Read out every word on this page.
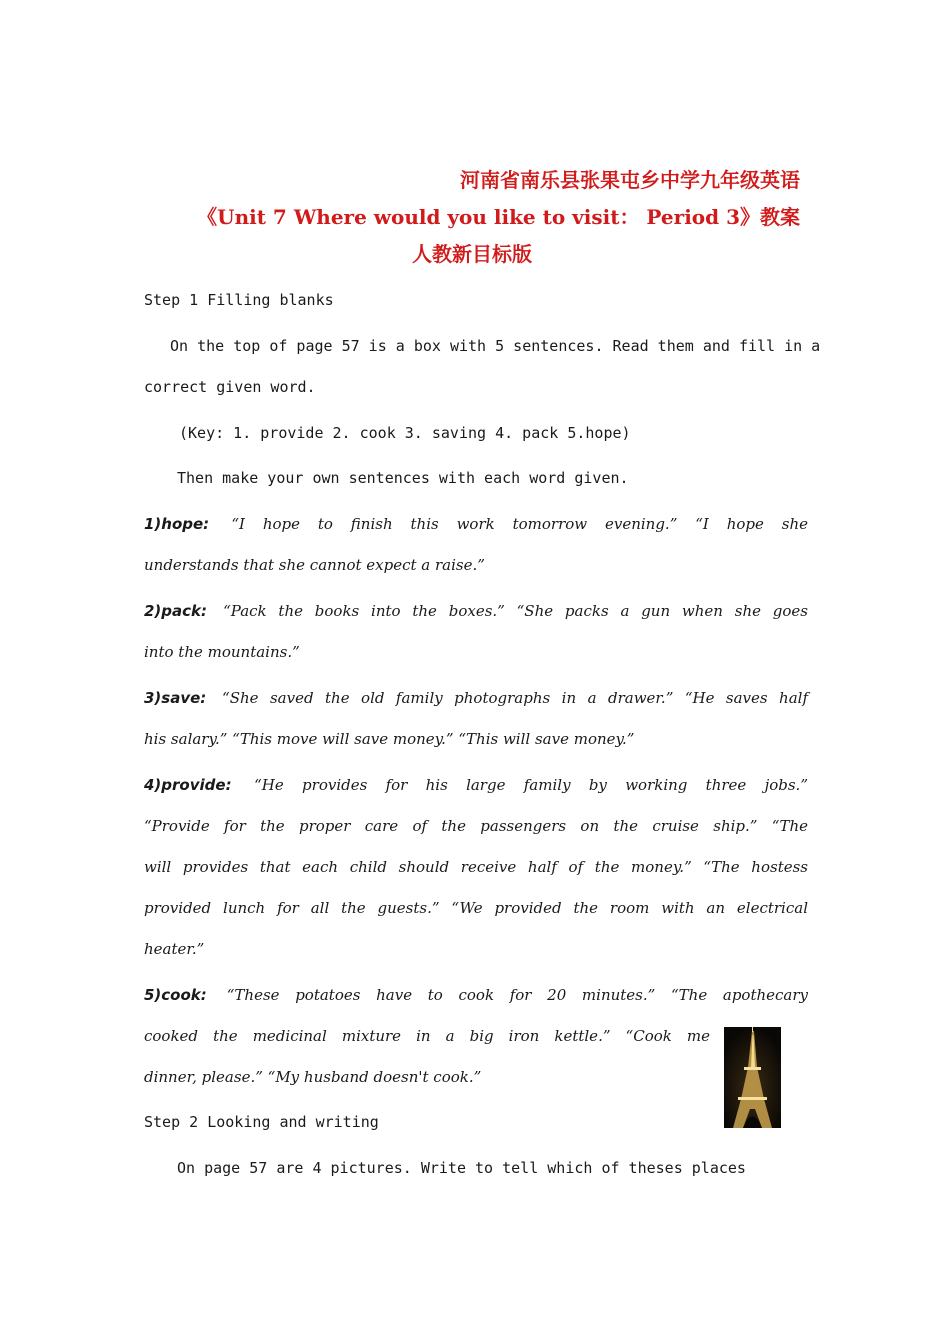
河南省南乐县张果屯乡中学九年级英语
《Unit 7 Where would you like to visit： Period 3》教案
人教新目标版

Step 1 Filling blanks

On the top of page 57 is a box with 5 sentences. Read them and fill in a

correct given word.

(Key: 1. provide 2. cook 3. saving 4. pack 5.hope)

Then make your own sentences with each word given.

1)hope: “I hope to finish this work tomorrow evening.” “I hope she

understands that she cannot expect a raise.”

2)pack: “Pack the books into the boxes.” “She packs a gun when she goes

into the mountains.”

3)save: “She saved the old family photographs in a drawer.” “He saves half

his salary.” “This move will save money.” “This will save money.”

4)provide: “He provides for his large family by working three jobs.”

“Provide for the proper care of the passengers on the cruise ship.” “The

will provides that each child should receive half of the money.” “The hostess

provided lunch for all the guests.” “We provided the room with an electrical

heater.”

5)cook: “These potatoes have to cook for 20 minutes.” “The apothecary

cooked the medicinal mixture in a big iron kettle.” “Cook me

dinner, please.” “My husband doesn't cook.”

Step 2 Looking and writing

On page 57 are 4 pictures. Write to tell which of theses places
